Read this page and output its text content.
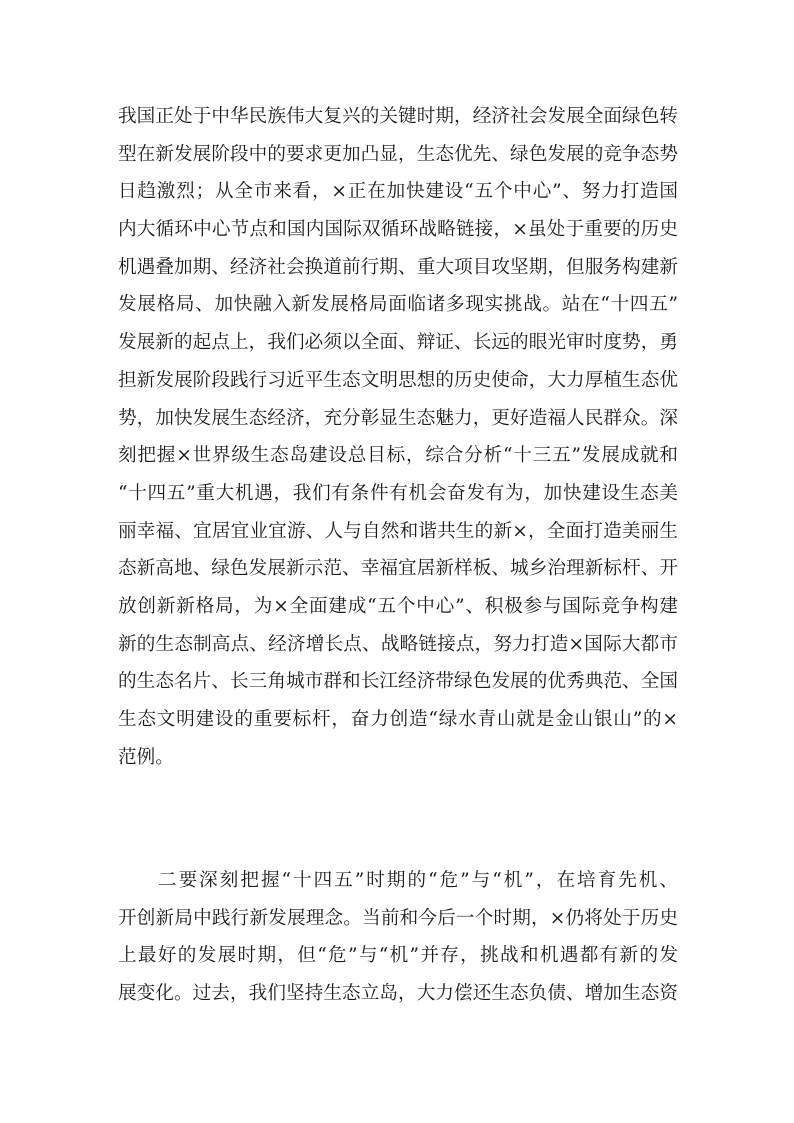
我国正处于中华民族伟大复兴的关键时期，经济社会发展全面绿色转
型在新发展阶段中的要求更加凸显，生态优先、绿色发展的竞争态势
日趋激烈；从全市来看，×正在加快建设“五个中心”、努力打造国
内大循环中心节点和国内国际双循环战略链接，×虽处于重要的历史
机遇叠加期、经济社会换道前行期、重大项目攻坚期，但服务构建新
发展格局、加快融入新发展格局面临诸多现实挑战。站在“十四五”
发展新的起点上，我们必须以全面、辩证、长远的眼光审时度势，勇
担新发展阶段践行习近平生态文明思想的历史使命，大力厚植生态优
势，加快发展生态经济，充分彰显生态魅力，更好造福人民群众。深
刻把握×世界级生态岛建设总目标，综合分析“十三五”发展成就和
“十四五”重大机遇，我们有条件有机会奋发有为，加快建设生态美
丽幸福、宜居宜业宜游、人与自然和谐共生的新×，全面打造美丽生
态新高地、绿色发展新示范、幸福宜居新样板、城乡治理新标杆、开
放创新新格局，为×全面建成“五个中心”、积极参与国际竞争构建
新的生态制高点、经济增长点、战略链接点，努力打造×国际大都市
的生态名片、长三角城市群和长江经济带绿色发展的优秀典范、全国
生态文明建设的重要标杆，奋力创造“绿水青山就是金山银山”的×
范例。
二要深刻把握“十四五”时期的“危”与“机”，在培育先机、
开创新局中践行新发展理念。当前和今后一个时期，×仍将处于历史
上最好的发展时期，但“危”与“机”并存，挑战和机遇都有新的发
展变化。过去，我们坚持生态立岛，大力偿还生态负债、增加生态资
